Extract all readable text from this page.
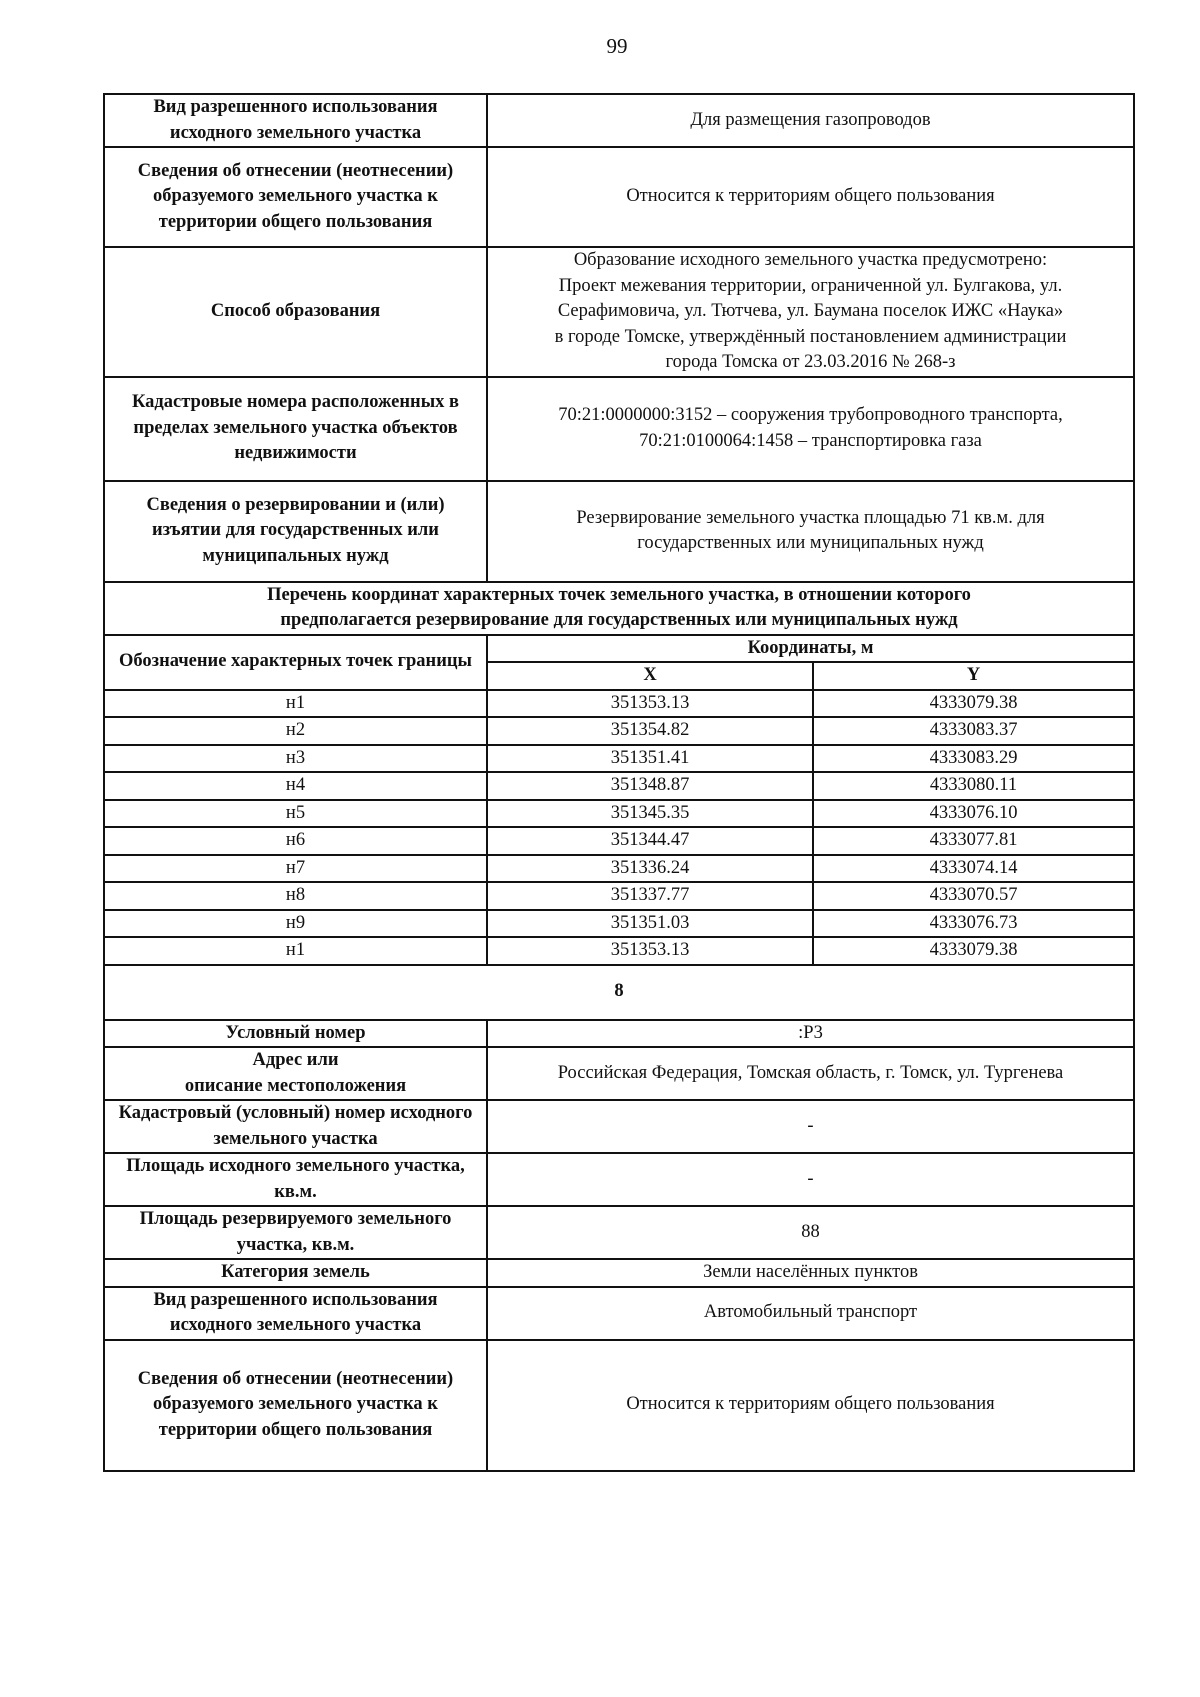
99
Вид разрешенного использования исходного земельного участка	Для размещения газопроводов	
Сведения об отнесении (неотнесении) образуемого земельного участка к территории общего пользования	Относится к территориям общего пользования	
Способ образования	Образование исходного земельного участка предусмотрено:
Проект межевания территории, ограниченной ул. Булгакова, ул.
Серафимовича, ул. Тютчева, ул. Баумана поселок ИЖС «Наука»
в городе Томске, утверждённый постановлением администрации
города Томска от 23.03.2016 № 268-з	

Кадастровые номера расположенных в пределах земельного участка объектов недвижимости	70:21:0000000:3152 – сооружения трубопроводного транспорта,
70:21:0100064:1458 – транспортировка газа	

Сведения о резервировании и (или) изъятии для государственных или муниципальных нужд	Резервирование земельного участка площадью 71 кв.м. для
государственных или муниципальных нужд	

Перечень координат характерных точек земельного участка, в отношении которого
предполагается резервирование для государственных или муниципальных нужд		

Обозначение характерных точек границы	Координаты, м	
	X	Y
н1	351353.13	4333079.38
н2	351354.82	4333083.37
н3	351351.41	4333083.29
н4	351348.87	4333080.11
н5	351345.35	4333076.10
н6	351344.47	4333077.81
н7	351336.24	4333074.14
н8	351337.77	4333070.57
н9	351351.03	4333076.73
н1	351353.13	4333079.38
8		
Условный номер	:Р3	

Адрес или
описание местоположения	Российская Федерация, Томская область, г. Томск, ул. Тургенева	
Кадастровый (условный) номер исходного земельного участка	-	
Площадь исходного земельного участка, кв.м.	-	
Площадь резервируемого земельного участка, кв.м.	88	
Категория земель	Земли населённых пунктов	
Вид разрешенного использования исходного земельного участка	Автомобильный транспорт	
Сведения об отнесении (неотнесении) образуемого земельного участка к территории общего пользования	Относится к территориям общего пользования	
